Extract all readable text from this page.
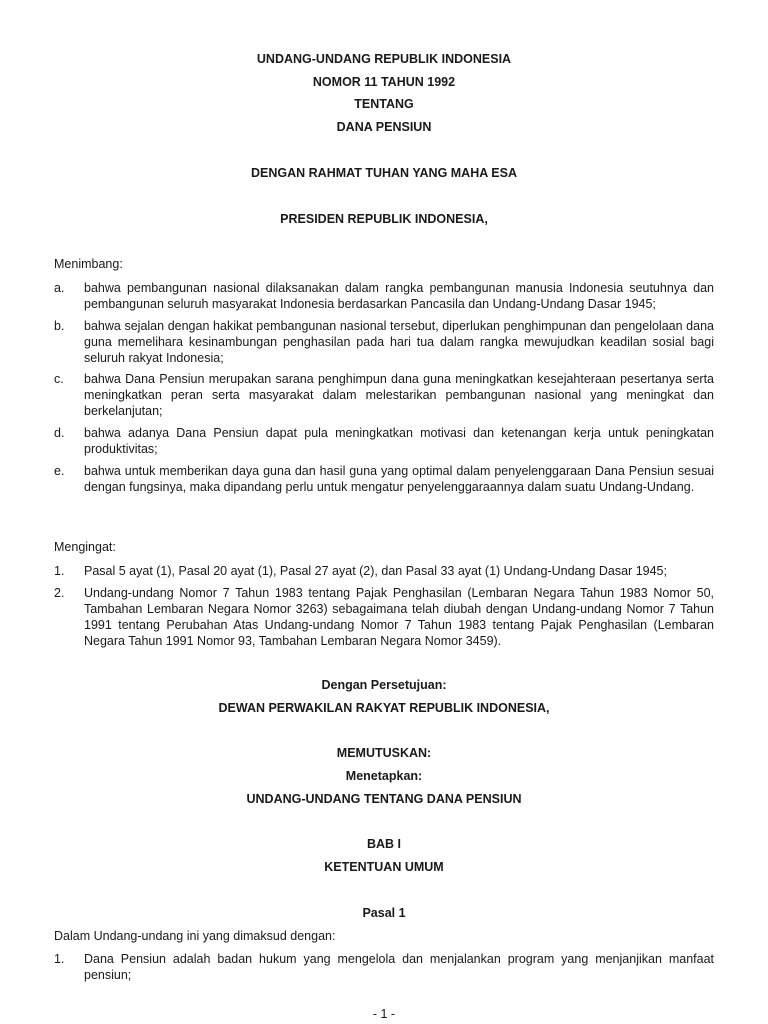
UNDANG-UNDANG REPUBLIK INDONESIA
NOMOR 11 TAHUN 1992
TENTANG
DANA PENSIUN
DENGAN RAHMAT TUHAN YANG MAHA ESA
PRESIDEN REPUBLIK INDONESIA,
Menimbang:
a.	bahwa pembangunan nasional dilaksanakan dalam rangka pembangunan manusia Indonesia seutuhnya dan pembangunan seluruh masyarakat Indonesia berdasarkan Pancasila dan Undang-Undang Dasar 1945;
b.	bahwa sejalan dengan hakikat pembangunan nasional tersebut, diperlukan penghimpunan dan pengelolaan dana guna memelihara kesinambungan penghasilan pada hari tua dalam rangka mewujudkan keadilan sosial bagi seluruh rakyat Indonesia;
c.	bahwa Dana Pensiun merupakan sarana penghimpun dana guna meningkatkan kesejahteraan pesertanya serta meningkatkan peran serta masyarakat dalam melestarikan pembangunan nasional yang meningkat dan berkelanjutan;
d.	bahwa adanya Dana Pensiun dapat pula meningkatkan motivasi dan ketenangan kerja untuk peningkatan produktivitas;
e.	bahwa untuk memberikan daya guna dan hasil guna yang optimal dalam penyelenggaraan Dana Pensiun sesuai dengan fungsinya, maka dipandang perlu untuk mengatur penyelenggaraannya dalam suatu Undang-Undang.
Mengingat:
1.	Pasal 5 ayat (1), Pasal 20 ayat (1), Pasal 27 ayat (2), dan Pasal 33 ayat (1) Undang-Undang Dasar 1945;
2.	Undang-undang Nomor 7 Tahun 1983 tentang Pajak Penghasilan (Lembaran Negara Tahun 1983 Nomor 50, Tambahan Lembaran Negara Nomor 3263) sebagaimana telah diubah dengan Undang-undang Nomor 7 Tahun 1991 tentang Perubahan Atas Undang-undang Nomor 7 Tahun 1983 tentang Pajak Penghasilan (Lembaran Negara Tahun 1991 Nomor 93, Tambahan Lembaran Negara Nomor 3459).
Dengan Persetujuan:
DEWAN PERWAKILAN RAKYAT REPUBLIK INDONESIA,
MEMUTUSKAN:
Menetapkan:
UNDANG-UNDANG TENTANG DANA PENSIUN
BAB I
KETENTUAN UMUM
Pasal 1
Dalam Undang-undang ini yang dimaksud dengan:
1.	Dana Pensiun adalah badan hukum yang mengelola dan menjalankan program yang menjanjikan manfaat pensiun;
- 1 -
